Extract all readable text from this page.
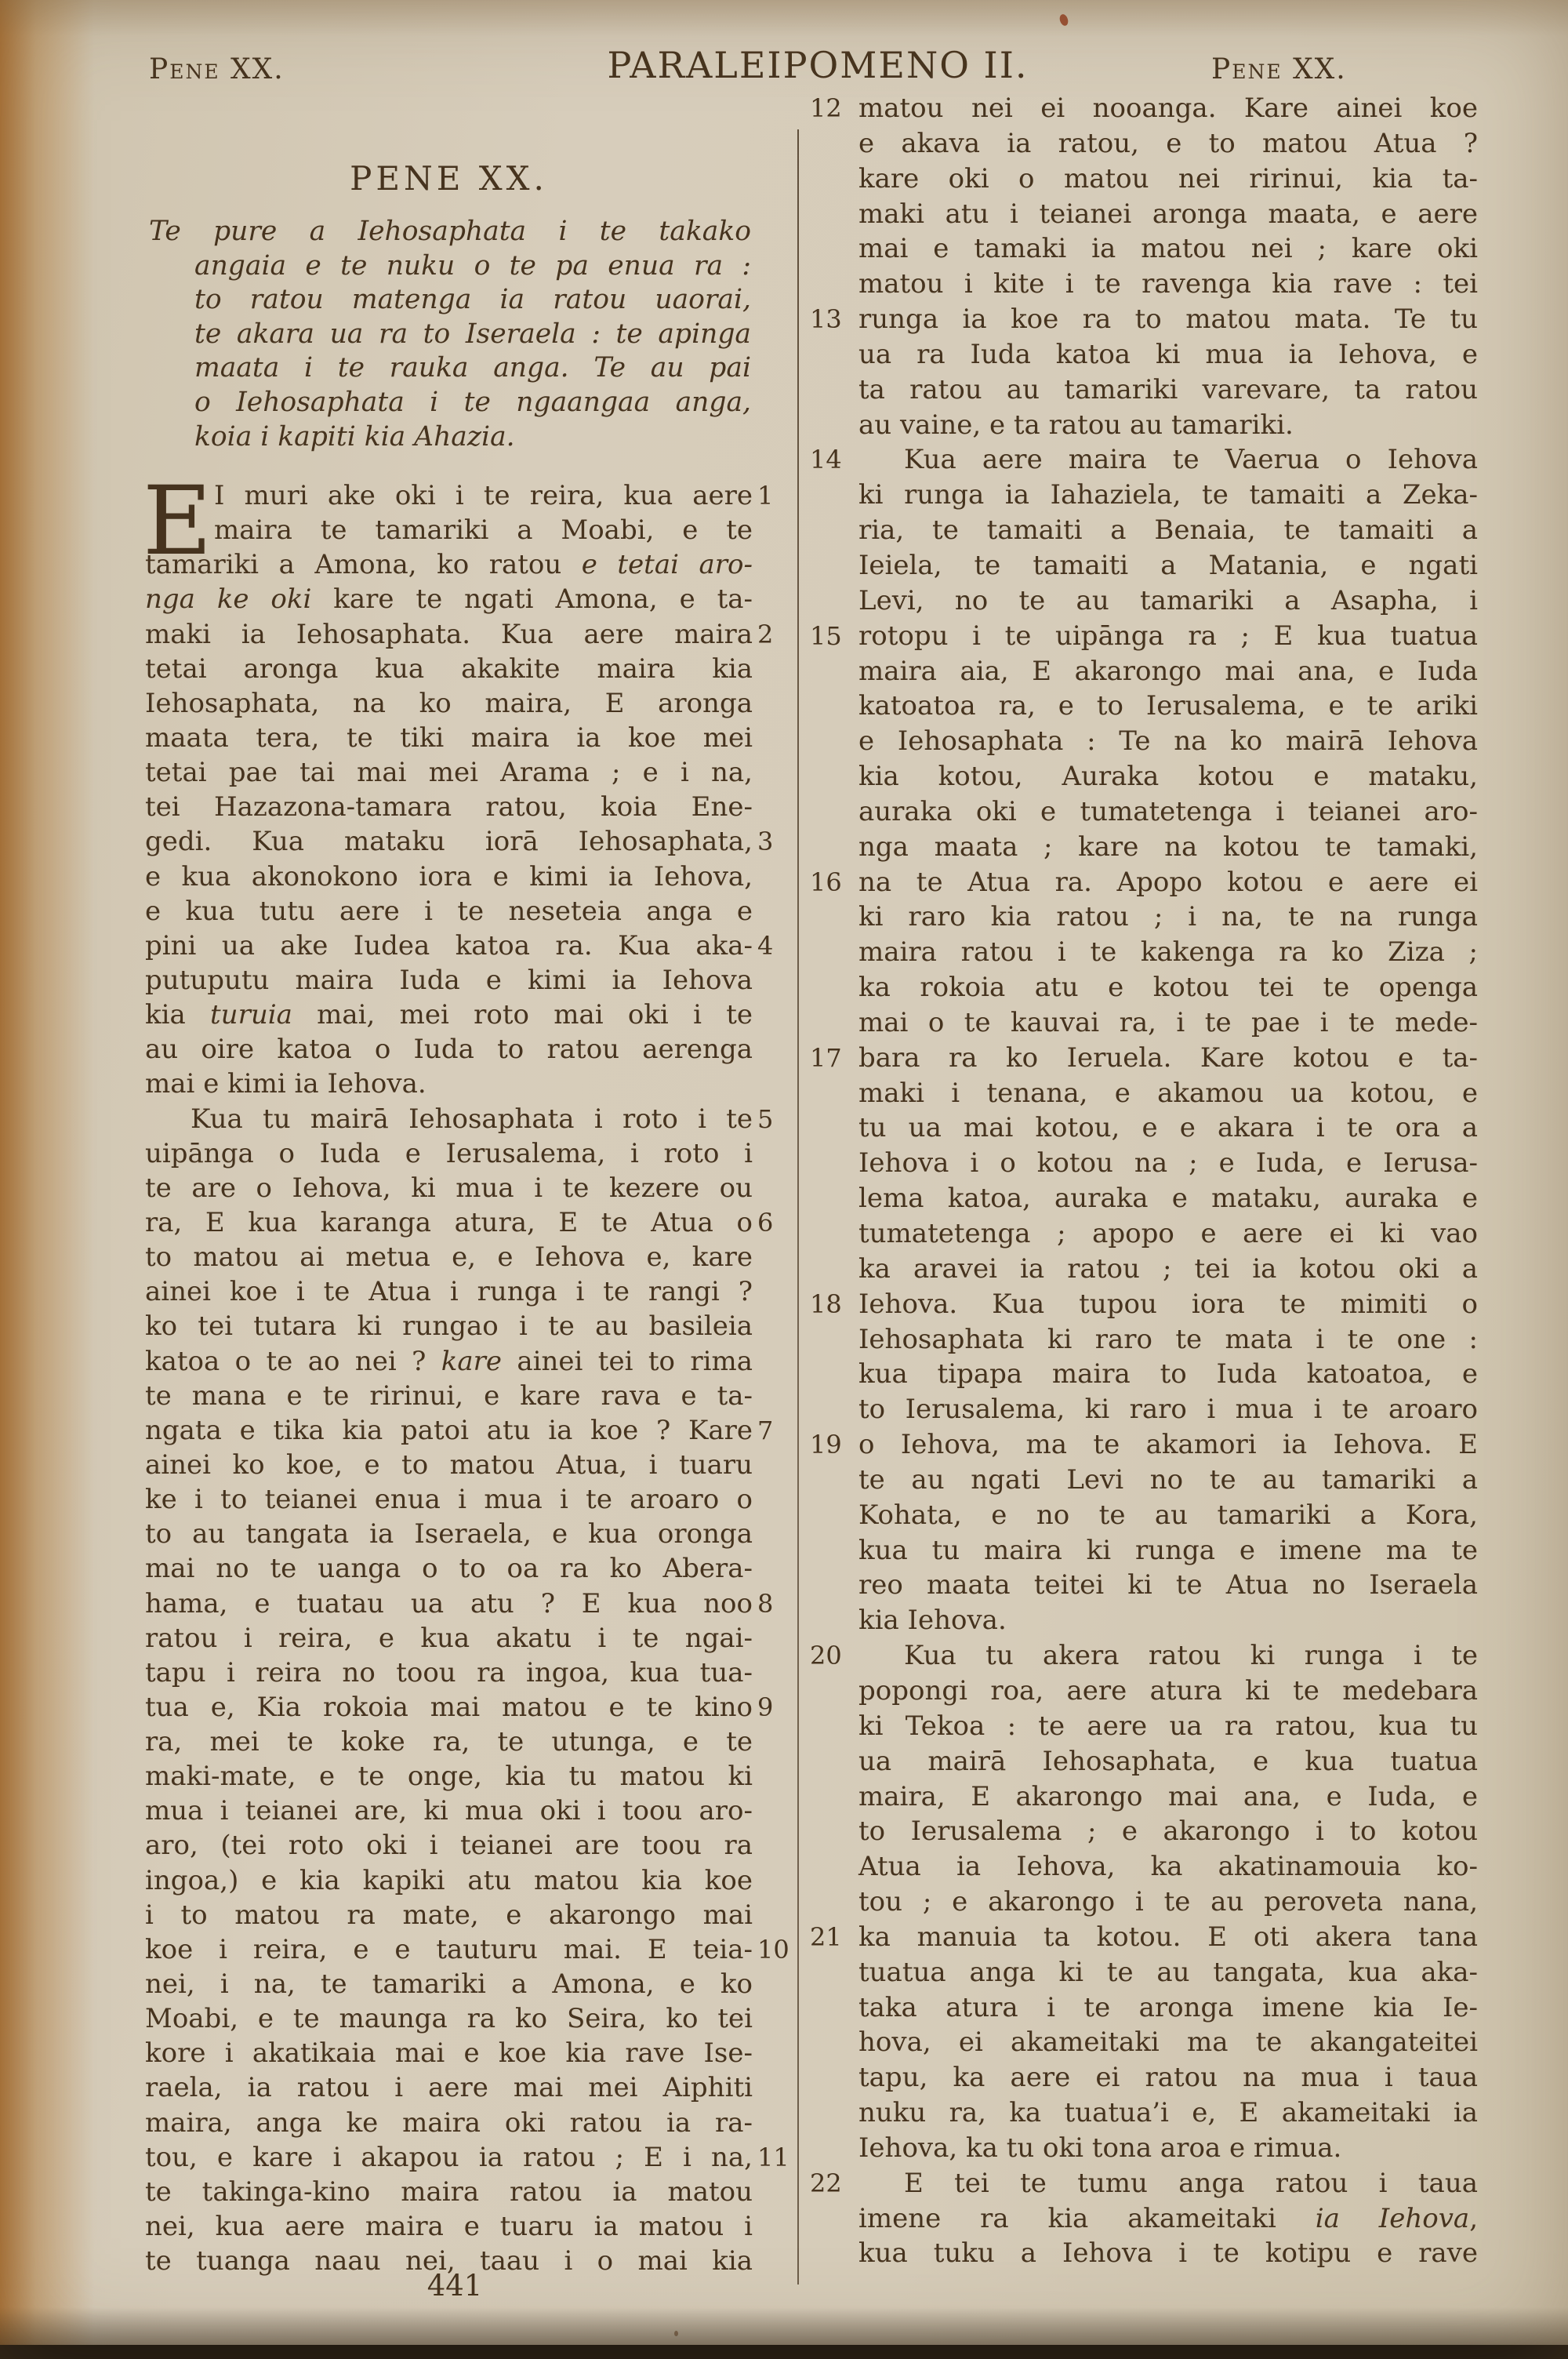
Pene XX.	PARALEIPOMENO II.	Pene XX.
PENE XX.
Te pure a Iehosaphata i te takako
angaia e te nuku o te pa enua ra :
to ratou matenga ia ratou uaorai,
te akara ua ra to Iseraela : te apinga
maata i te rauka anga. Te au pai
o Iehosaphata i te ngaangaa anga,
koia i kapiti kia Ahazia.
E I muri ake oki i te reira, kua aere 1
maira te tamariki a Moabi, e te
tamariki a Amona, ko ratou e tetai aro-
nga ke oki kare te ngati Amona, e ta-
maki ia Iehosaphata. Kua aere maira 2
tetai aronga kua akakite maira kia
Iehosaphata, na ko maira, E aronga
maata tera, te tiki maira ia koe mei
tetai pae tai mai mei Arama ; e i na,
tei Hazazona-tamara ratou, koia Ene-
gedi. Kua mataku iorā Iehosaphata, 3
e kua akonokono iora e kimi ia Iehova,
e kua tutu aere i te neseteia anga e
pini ua ake Iudea katoa ra. Kua aka- 4
putuputu maira Iuda e kimi ia Iehova
kia turuia mai, mei roto mai oki i te
au oire katoa o Iuda to ratou aerenga
mai e kimi ia Iehova.
Kua tu mairā Iehosaphata i roto i te 5
uipānga o Iuda e Ierusalema, i roto i
te are o Iehova, ki mua i te kezere ou
ra, E kua karanga atura, E te Atua o 6
to matou ai metua e, e Iehova e, kare
ainei koe i te Atua i runga i te rangi ?
ko tei tutara ki rungao i te au basileia
katoa o te ao nei ? kare ainei tei to rima
te mana e te ririnui, e kare rava e ta-
ngata e tika kia patoi atu ia koe ? Kare 7
ainei ko koe, e to matou Atua, i tuaru
ke i to teianei enua i mua i te aroaro o
to au tangata ia Iseraela, e kua oronga
mai no te uanga o to oa ra ko Abera-
hama, e tuatau ua atu ? E kua noo 8
ratou i reira, e kua akatu i te ngai-
tapu i reira no toou ra ingoa, kua tua-
tua e, Kia rokoia mai matou e te kino 9
ra, mei te koke ra, te utunga, e te
maki-mate, e te onge, kia tu matou ki
mua i teianei are, ki mua oki i toou aro-
aro, (tei roto oki i teianei are toou ra
ingoa,) e kia kapiki atu matou kia koe
i to matou ra mate, e akarongo mai
koe i reira, e e tauturu mai. E teia- 10
nei, i na, te tamariki a Amona, e ko
Moabi, e te maunga ra ko Seira, ko tei
kore i akatikaia mai e koe kia rave Ise-
raela, ia ratou i aere mai mei Aiphiti
maira, anga ke maira oki ratou ia ra-
tou, e kare i akapou ia ratou ; E i na, 11
te takinga-kino maira ratou ia matou
nei, kua aere maira e tuaru ia matou i
te tuanga naau nei, taau i o mai kia
matou nei ei nooanga. Kare ainei koe
12
e akava ia ratou, e to matou Atua ?
kare oki o matou nei ririnui, kia ta-
maki atu i teianei aronga maata, e aere
mai e tamaki ia matou nei ; kare oki
matou i kite i te ravenga kia rave : tei
runga ia koe ra to matou mata. Te tu
13
ua ra Iuda katoa ki mua ia Iehova, e
ta ratou au tamariki varevare, ta ratou
au vaine, e ta ratou au tamariki.
Kua aere maira te Vaerua o Iehova
14
ki runga ia Iahaziela, te tamaiti a Zeka-
ria, te tamaiti a Benaia, te tamaiti a
Ieiela, te tamaiti a Matania, e ngati
Levi, no te au tamariki a Asapha, i
rotopu i te uipānga ra ; E kua tuatua
15
maira aia, E akarongo mai ana, e Iuda
katoatoa ra, e to Ierusalema, e te ariki
e Iehosaphata : Te na ko mairā Iehova
kia kotou, Auraka kotou e mataku,
auraka oki e tumatetenga i teianei aro-
nga maata ; kare na kotou te tamaki,
na te Atua ra. Apopo kotou e aere ei
16
ki raro kia ratou ; i na, te na runga
maira ratou i te kakenga ra ko Ziza ;
ka rokoia atu e kotou tei te openga
mai o te kauvai ra, i te pae i te mede-
bara ra ko Ieruela. Kare kotou e ta-
17
maki i tenana, e akamou ua kotou, e
tu ua mai kotou, e e akara i te ora a
Iehova i o kotou na ; e Iuda, e Ierusa-
lema katoa, auraka e mataku, auraka e
tumatetenga ; apopo e aere ei ki vao
ka aravei ia ratou ; tei ia kotou oki a
Iehova. Kua tupou iora te mimiti o
18
Iehosaphata ki raro te mata i te one :
kua tipapa maira to Iuda katoatoa, e
to Ierusalema, ki raro i mua i te aroaro
o Iehova, ma te akamori ia Iehova. E
19
te au ngati Levi no te au tamariki a
Kohata, e no te au tamariki a Kora,
kua tu maira ki runga e imene ma te
reo maata teitei ki te Atua no Iseraela
kia Iehova.
Kua tu akera ratou ki runga i te
20
popongi roa, aere atura ki te medebara
ki Tekoa : te aere ua ra ratou, kua tu
ua mairā Iehosaphata, e kua tuatua
maira, E akarongo mai ana, e Iuda, e
to Ierusalema ; e akarongo i to kotou
Atua ia Iehova, ka akatinamouia ko-
tou ; e akarongo i te au peroveta nana,
ka manuia ta kotou. E oti akera tana
21
tuatua anga ki te au tangata, kua aka-
taka atura i te aronga imene kia Ie-
hova, ei akameitaki ma te akangateitei
tapu, ka aere ei ratou na mua i taua
nuku ra, ka tuatua’i e, E akameitaki ia
Iehova, ka tu oki tona aroa e rimua.
E tei te tumu anga ratou i taua
22
imene ra kia akameitaki ia Iehova,
kua tuku a Iehova i te kotipu e rave
441
